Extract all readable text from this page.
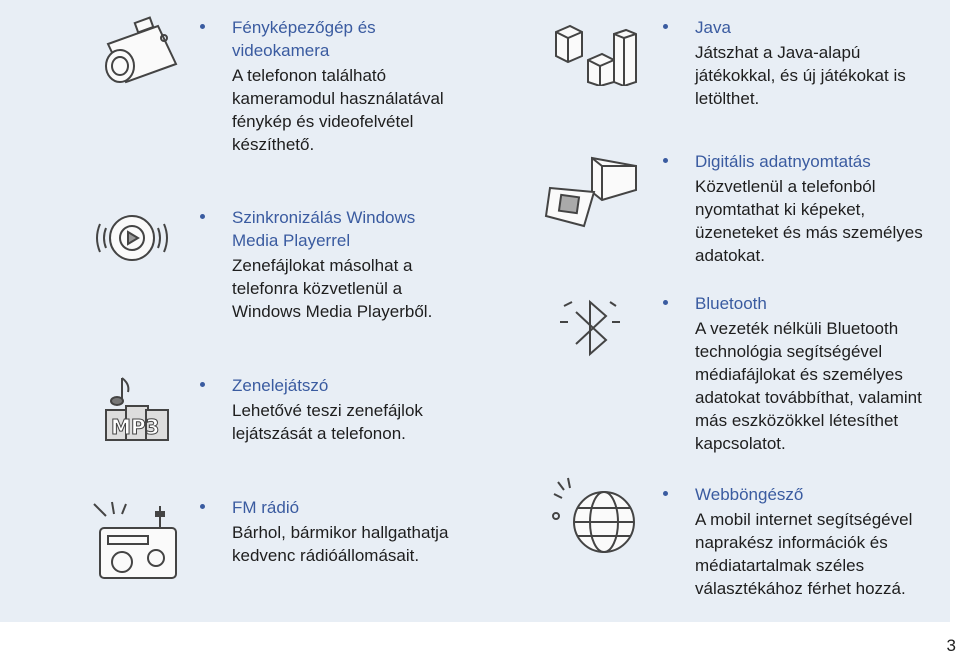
Fényképezőgép és
videokamera
A telefonon található
kameramodul használatával
fénykép és videofelvétel
készíthető.
Szinkronizálás Windows
Media Playerrel
Zenefájlokat másolhat a
telefonra közvetlenül a
Windows Media Playerből.
MP3
Zenelejátszó
Lehetővé teszi zenefájlok
lejátszását a telefonon.
FM rádió
Bárhol, bármikor hallgathatja
kedvenc rádióállomásait.
Java
Játszhat a Java-alapú
játékokkal, és új játékokat is
letölthet.
Digitális adatnyomtatás
Közvetlenül a telefonból
nyomtathat ki képeket,
üzeneteket és más személyes
adatokat.
Bluetooth
A vezeték nélküli Bluetooth
technológia segítségével
médiafájlokat és személyes
adatokat továbbíthat, valamint
más eszközökkel létesíthet
kapcsolatot.
Webböngésző
A mobil internet segítségével
naprakész információk és
médiatartalmak széles
választékához férhet hozzá.
3
